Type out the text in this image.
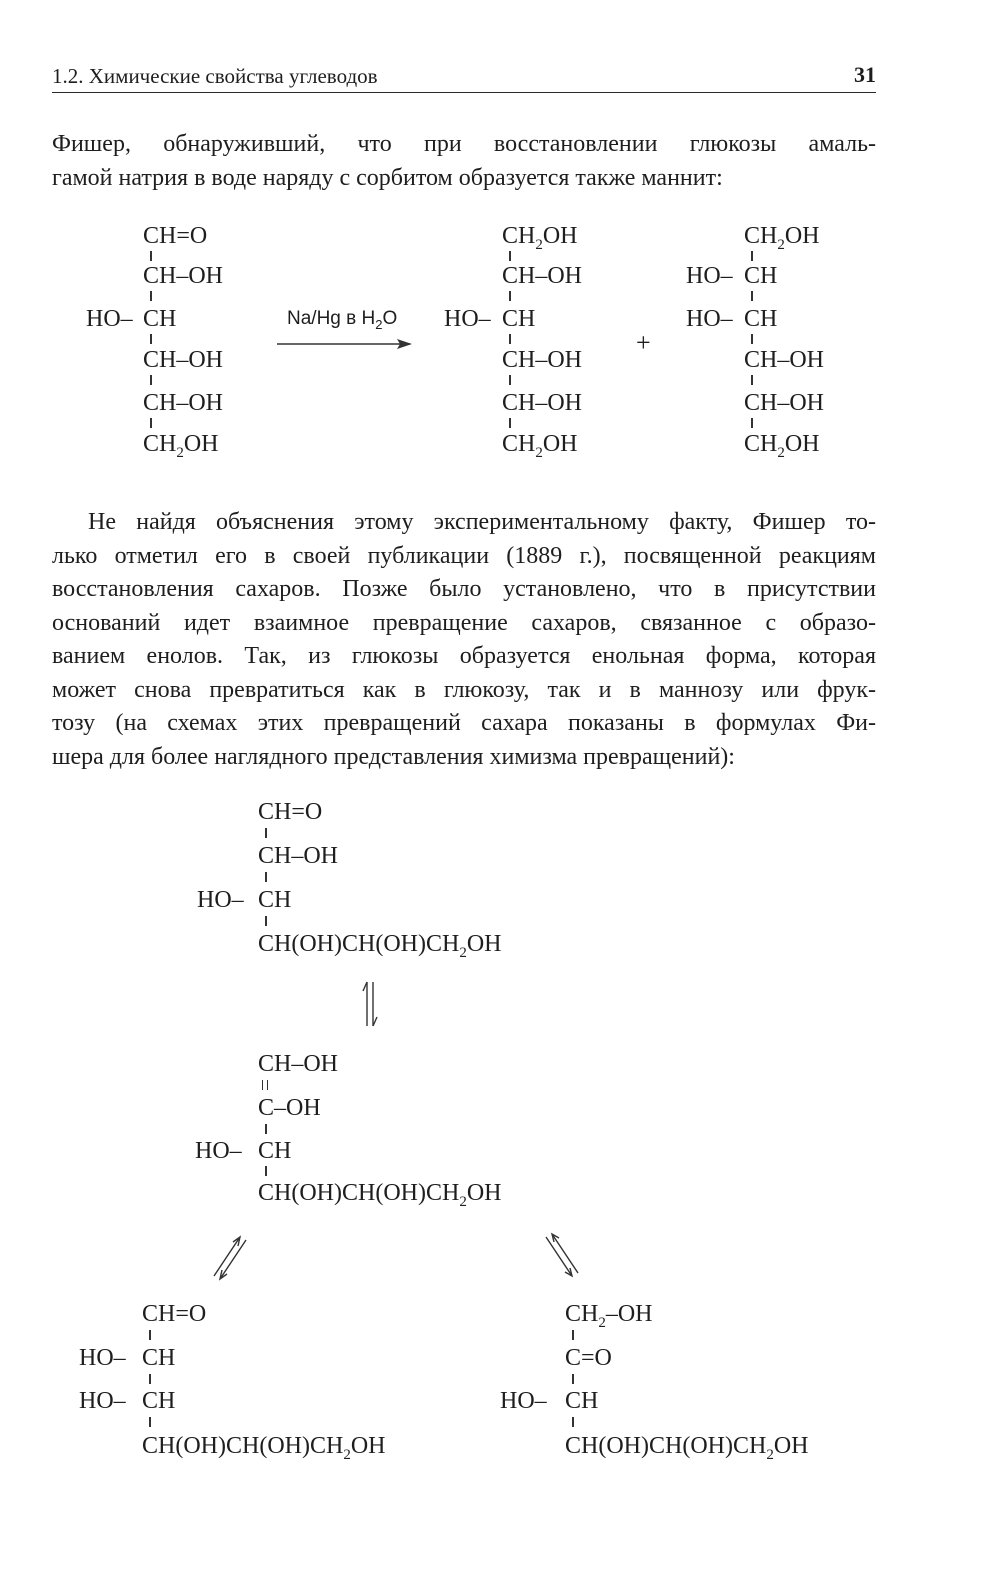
1.2. Химические свойства углеводов	31
Фишер, обнаруживший, что при восстановлении глюкозы амаль-
гамой натрия в воде наряду с сорбитом образуется также маннит:
CH=O
CH–OH
HO– CH
CH–OH
CH–OH
$CH_2OH$
Na/Hg в $H_2O$
$CH_2OH$
CH–OH
HO– CH
CH–OH
CH–OH
$CH_2OH$
+
$CH_2OH$
HO– CH
HO– CH
CH–OH
CH–OH
$CH_2OH$
Не найдя объяснения этому экспериментальному факту, Фишер то-
лько отметил его в своей публикации (1889 г.), посвященной реакциям
восстановления сахаров. Позже было установлено, что в присутствии
оснований идет взаимное превращение сахаров, связанное с образо-
ванием енолов. Так, из глюкозы образуется енольная форма, которая
может снова превратиться как в глюкозу, так и в маннозу или фрук-
тозу (на схемах этих превращений сахара показаны в формулах Фи-
шера для более наглядного представления химизма превращений):
CH=O
CH–OH
HO– CH
$CH(OH)CH(OH)CH_2OH$
CH–OH
C–OH
HO– CH
$CH(OH)CH(OH)CH_2OH$
CH=O
HO– CH
HO– CH
$CH(OH)CH(OH)CH_2OH$
$CH_2-OH$
C=O
HO– CH
$CH(OH)CH(OH)CH_2OH$
